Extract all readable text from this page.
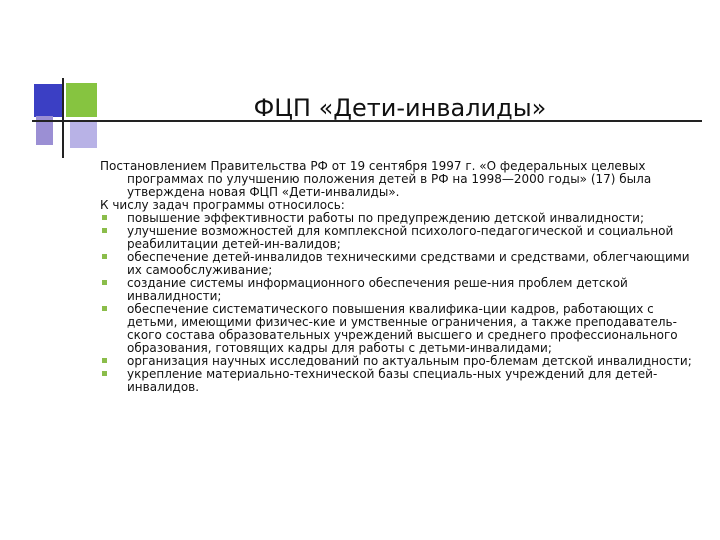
ФЦП «Дети-инвалиды»

Постановлением Правительства РФ от 19 сентября 1997 г. «О федеральных целевых программах по улучшению положения детей в РФ на 1998—2000 годы» (17) была утверждена новая ФЦП «Дети-инвалиды».

К числу задач программы относилось:

повышение эффективности работы по предупреждению детской инвалидности;
улучшение возможностей для комплексной психолого-педагогической и социальной реабилитации детей-ин-валидов;
обеспечение детей-инвалидов техническими средствами и средствами, облегчающими их самообслуживание;
создание системы информационного обеспечения реше-ния проблем детской инвалидности;
обеспечение систематического повышения квалифика-ции кадров, работающих с детьми, имеющими физичес-кие и умственные ограничения, а также преподаватель-ского состава образовательных учреждений высшего и среднего профессионального образования, готовящих кадры для работы с детьми-инвалидами;
организация научных исследований по актуальным про-блемам детской инвалидности;
укрепление материально-технической базы специаль-ных учреждений для детей-инвалидов.
